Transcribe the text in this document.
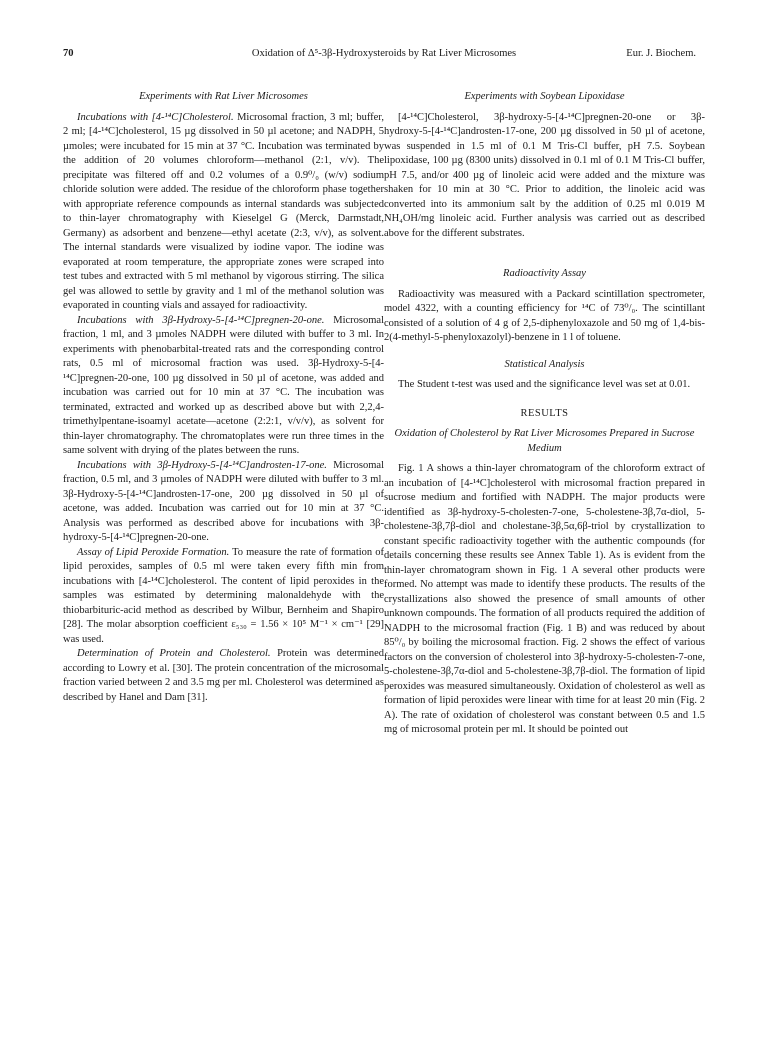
70	Oxidation of Δ⁵-3β-Hydroxysteroids by Rat Liver Microsomes	Eur. J. Biochem.
Experiments with Rat Liver Microsomes

Incubations with [4-¹⁴C]Cholesterol. Microsomal fraction, 3 ml; buffer, 2 ml; [4-¹⁴C]cholesterol, 15 µg dissolved in 50 µl acetone; and NADPH, 5 µmoles; were incubated for 15 min at 37 °C. Incubation was terminated by the addition of 20 volumes chloroform—methanol (2:1, v/v). The precipitate was filtered off and 0.2 volumes of a 0.9⁰/₀ (w/v) sodium chloride solution were added. The residue of the chloroform phase together with appropriate reference compounds as internal standards was subjected to thin-layer chromatography with Kieselgel G (Merck, Darmstadt, Germany) as adsorbent and benzene—ethyl acetate (2:3, v/v), as solvent. The internal standards were visualized by iodine vapor. The iodine was evaporated at room temperature, the appropriate zones were scraped into test tubes and extracted with 5 ml methanol by vigorous stirring. The silica gel was allowed to settle by gravity and 1 ml of the methanol solution was evaporated in counting vials and assayed for radioactivity.

Incubations with 3β-Hydroxy-5-[4-¹⁴C]pregnen-20-one. Microsomal fraction, 1 ml, and 3 µmoles NADPH were diluted with buffer to 3 ml. In experiments with phenobarbital-treated rats and the corresponding control rats, 0.5 ml of microsomal fraction was used. 3β-Hydroxy-5-[4-¹⁴C]pregnen-20-one, 100 µg dissolved in 50 µl of acetone, was added and incubation was carried out for 10 min at 37 °C. The incubation was terminated, extracted and worked up as described above but with 2,2,4-trimethylpentane-isoamyl acetate—acetone (2:2:1, v/v/v), as solvent for thin-layer chromatography. The chromatoplates were run three times in the same solvent with drying of the plates between the runs.

Incubations with 3β-Hydroxy-5-[4-¹⁴C]androsten-17-one. Microsomal fraction, 0.5 ml, and 3 µmoles of NADPH were diluted with buffer to 3 ml. 3β-Hydroxy-5-[4-¹⁴C]androsten-17-one, 200 µg dissolved in 50 µl of acetone, was added. Incubation was carried out for 10 min at 37 °C. Analysis was performed as described above for incubations with 3β-hydroxy-5-[4-¹⁴C]pregnen-20-one.

Assay of Lipid Peroxide Formation. To measure the rate of formation of lipid peroxides, samples of 0.5 ml were taken every fifth min from incubations with [4-¹⁴C]cholesterol. The content of lipid peroxides in the samples was estimated by determining malonaldehyde with the thiobarbituric-acid method as described by Wilbur, Bernheim and Shapiro [28]. The molar absorption coefficient ε₅₃₀ = 1.56 × 10⁵ M⁻¹ × cm⁻¹ [29] was used.

Determination of Protein and Cholesterol. Protein was determined according to Lowry et al. [30]. The protein concentration of the microsomal fraction varied between 2 and 3.5 mg per ml. Cholesterol was determined as described by Hanel and Dam [31].

Experiments with Soybean Lipoxidase

[4-¹⁴C]Cholesterol, 3β-hydroxy-5-[4-¹⁴C]pregnen-20-one or 3β-hydroxy-5-[4-¹⁴C]androsten-17-one, 200 µg dissolved in 50 µl of acetone, was suspended in 1.5 ml of 0.1 M Tris-Cl buffer, pH 7.5. Soybean lipoxidase, 100 µg (8300 units) dissolved in 0.1 ml of 0.1 M Tris-Cl buffer, pH 7.5, and/or 400 µg of linoleic acid were added and the mixture was shaken for 10 min at 30 °C. Prior to addition, the linoleic acid was converted into its ammonium salt by the addition of 0.25 ml 0.019 M NH₄OH/mg linoleic acid. Further analysis was carried out as described above for the different substrates.

Radioactivity Assay

Radioactivity was measured with a Packard scintillation spectrometer, model 4322, with a counting efficiency for ¹⁴C of 73⁰/₀. The scintillant consisted of a solution of 4 g of 2,5-diphenyloxazole and 50 mg of 1,4-bis-2(4-methyl-5-phenyloxazolyl)-benzene in 1 l of toluene.

Statistical Analysis

The Student t-test was used and the significance level was set at 0.01.

RESULTS
Oxidation of Cholesterol by Rat Liver Microsomes Prepared in Sucrose Medium

Fig. 1 A shows a thin-layer chromatogram of the chloroform extract of an incubation of [4-¹⁴C]cholesterol with microsomal fraction prepared in sucrose medium and fortified with NADPH. The major products were identified as 3β-hydroxy-5-cholesten-7-one, 5-cholestene-3β,7α-diol, 5-cholestene-3β,7β-diol and cholestane-3β,5α,6β-triol by crystallization to constant specific radioactivity together with the authentic compounds (for details concerning these results see Annex Table 1). As is evident from the thin-layer chromatogram shown in Fig. 1 A several other products were formed. No attempt was made to identify these products. The results of the crystallizations also showed the presence of small amounts of other unknown compounds. The formation of all products required the addition of NADPH to the microsomal fraction (Fig. 1 B) and was reduced by about 85⁰/₀ by boiling the microsomal fraction. Fig. 2 shows the effect of various factors on the conversion of cholesterol into 3β-hydroxy-5-cholesten-7-one, 5-cholestene-3β,7α-diol and 5-cholestene-3β,7β-diol. The formation of lipid peroxides was measured simultaneously. Oxidation of cholesterol as well as formation of lipid peroxides were linear with time for at least 20 min (Fig. 2 A). The rate of oxidation of cholesterol was constant between 0.5 and 1.5 mg of microsomal protein per ml. It should be pointed out
